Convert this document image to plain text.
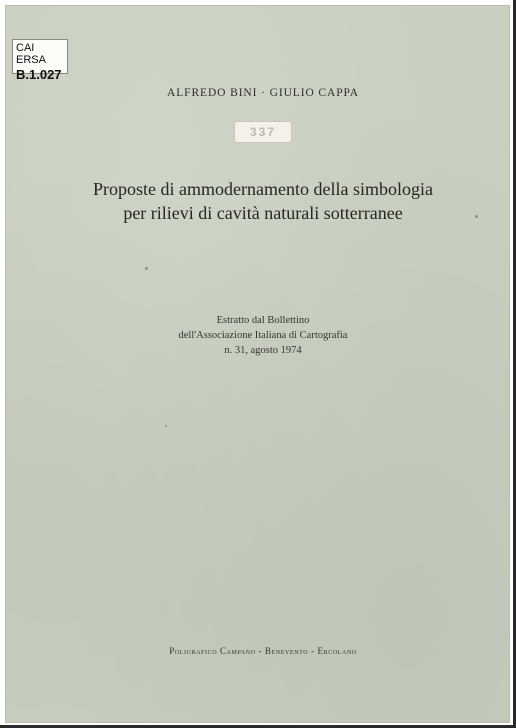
CAI ERSA
B.1.027
ALFREDO BINI · GIULIO CAPPA
337
Proposte di ammodernamento della simbologia
per rilievi di cavità naturali sotterranee
Estratto dal Bollettino
dell'Associazione Italiana di Cartografia
n. 31, agosto 1974
Poligrafico Campano - Benevento - Ercolano
